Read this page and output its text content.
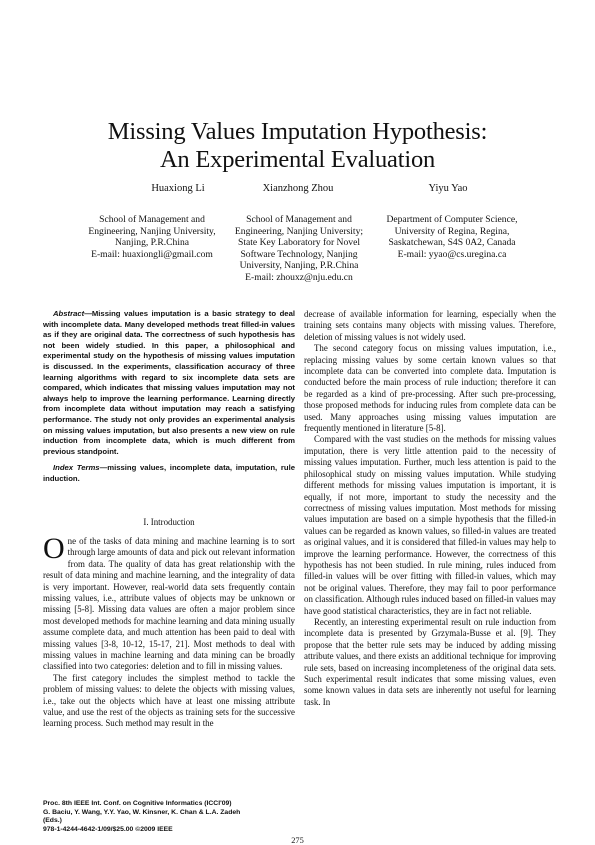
Missing Values Imputation Hypothesis:
An Experimental Evaluation
Huaxiong Li	Xianzhong Zhou	Yiyu Yao
School of Management and
Engineering, Nanjing University,
Nanjing, P.R.China
E-mail: huaxiongli@gmail.com
School of Management and
Engineering, Nanjing University;
State Key Laboratory for Novel
Software Technology, Nanjing
University, Nanjing, P.R.China
E-mail: zhouxz@nju.edu.cn
Department of Computer Science,
University of Regina, Regina,
Saskatchewan, S4S 0A2, Canada
E-mail: yyao@cs.uregina.ca

Abstract—Missing values imputation is a basic strategy to deal with incomplete data. Many developed methods treat filled-in values as if they are original data. The correctness of such hypothesis has not been widely studied. In this paper, a philosophical and experimental study on the hypothesis of missing values imputation is discussed. In the experiments, classification accuracy of three learning algorithms with regard to six incomplete data sets are compared, which indicates that missing values imputation may not always help to improve the learning performance. Learning directly from incomplete data without imputation may reach a satisfying performance. The study not only provides an experimental analysis on missing values imputation, but also presents a new view on rule induction from incomplete data, which is much different from previous standpoint.

Index Terms—missing values, incomplete data, imputation, rule induction.

I. Introduction

One of the tasks of data mining and machine learning is to sort through large amounts of data and pick out relevant information from data. The quality of data has great relationship with the result of data mining and machine learning, and the integrality of data is very important. However, real-world data sets frequently contain missing values, i.e., attribute values of objects may be unknown or missing [5-8]. Missing data values are often a major problem since most developed methods for machine learning and data mining usually assume complete data, and much attention has been paid to deal with missing values [3-8, 10-12, 15-17, 21]. Most methods to deal with missing values in machine learning and data mining can be broadly classified into two categories: deletion and to fill in missing values.

The first category includes the simplest method to tackle the problem of missing values: to delete the objects with missing values, i.e., take out the objects which have at least one missing attribute value, and use the rest of the objects as training sets for the successive learning process. Such method may result in the

decrease of available information for learning, especially when the training sets contains many objects with missing values. Therefore, deletion of missing values is not widely used.

The second category focus on missing values imputation, i.e., replacing missing values by some certain known values so that incomplete data can be converted into complete data. Imputation is conducted before the main process of rule induction; therefore it can be regarded as a kind of pre-processing. After such pre-processing, those proposed methods for inducing rules from complete data can be used. Many approaches using missing values imputation are frequently mentioned in literature [5-8].

Compared with the vast studies on the methods for missing values imputation, there is very little attention paid to the necessity of missing values imputation. Further, much less attention is paid to the philosophical study on missing values imputation. While studying different methods for missing values imputation is important, it is equally, if not more, important to study the necessity and the correctness of missing values imputation. Most methods for missing values imputation are based on a simple hypothesis that the filled-in values can be regarded as known values, so filled-in values are treated as original values, and it is considered that filled-in values may help to improve the learning performance. However, the correctness of this hypothesis has not been studied. In rule mining, rules induced from filled-in values will be over fitting with filled-in values, which may not be original values. Therefore, they may fail to poor performance on classification. Although rules induced based on filled-in values may have good statistical characteristics, they are in fact not reliable.

Recently, an interesting experimental result on rule induction from incomplete data is presented by Grzymala-Busse et al. [9]. They propose that the better rule sets may be induced by adding missing attribute values, and there exists an additional technique for improving rule sets, based on increasing incompleteness of the original data sets. Such experimental result indicates that some missing values, even some known values in data sets are inherently not useful for learning task. In

Proc. 8th IEEE Int. Conf. on Cognitive Informatics (ICCI'09)
G. Baciu, Y. Wang, Y.Y. Yao, W. Kinsner, K. Chan & L.A. Zadeh (Eds.)
978-1-4244-4642-1/09/$25.00 ©2009 IEEE
275
